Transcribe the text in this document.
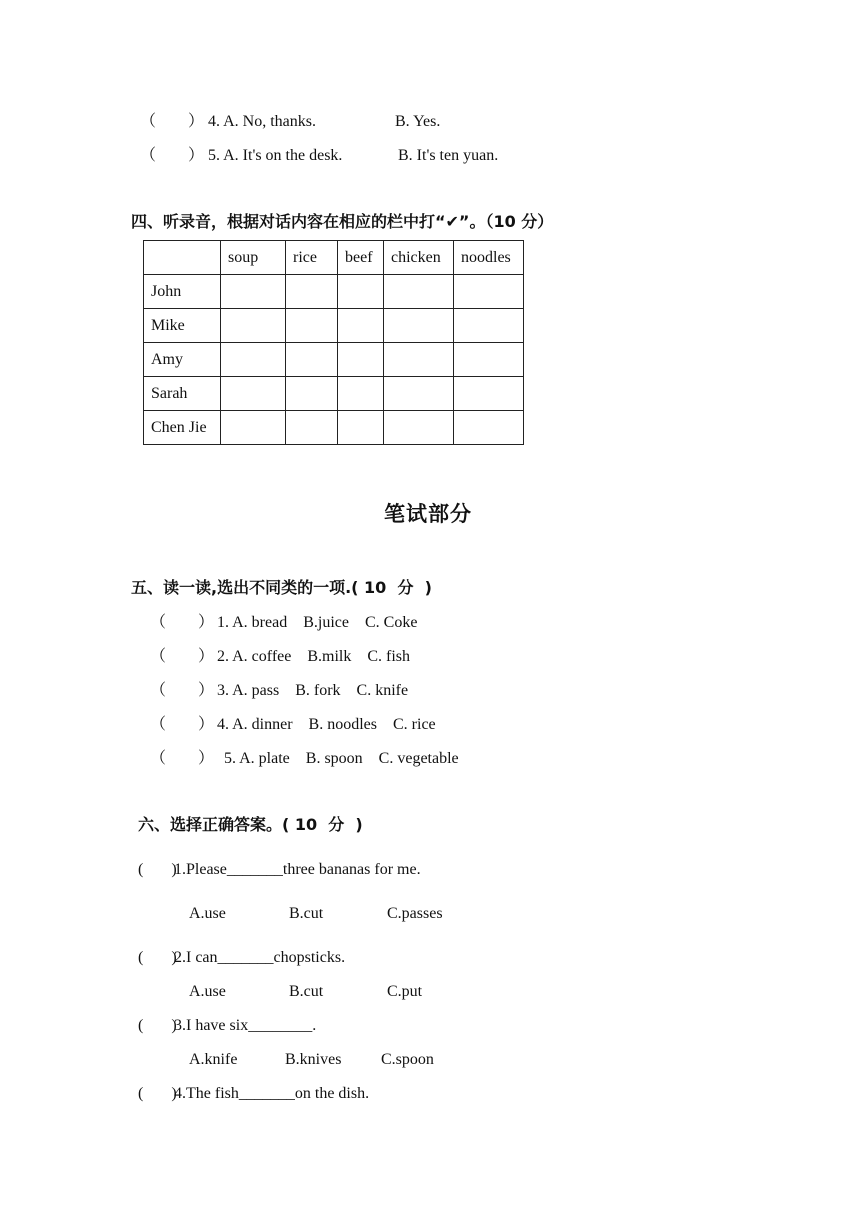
（        ） 4. A. No, thanks.	B. Yes.
（        ） 5. A. It's on the desk.	B. It's ten yuan.
四、听录音，根据对话内容在相应的栏中打“✔”。（10 分）
	soup	rice	beef	chicken	noodles
John					
Mike					
Amy					
Sarah					
Chen Jie					
笔试部分
五、读一读,选出不同类的一项.( 10  分  )
（        ） 1. A. bread    B.juice    C. Coke
（        ） 2. A. coffee    B.milk    C. fish
（        ） 3. A. pass    B. fork    C. knife
（        ） 4. A. dinner    B. noodles    C. rice
（        ） 5. A. plate    B. spoon    C. vegetable
六、选择正确答案。( 10  分  )
(       )
1.Please_______three bananas for me.
A.use	B.cut	C.passes
(       )
2.I can_______chopsticks.
A.use	B.cut	C.put
(       )
3.I have six________.
A.knife	B.knives C.spoon
(       )
4.The fish_______on the dish.
